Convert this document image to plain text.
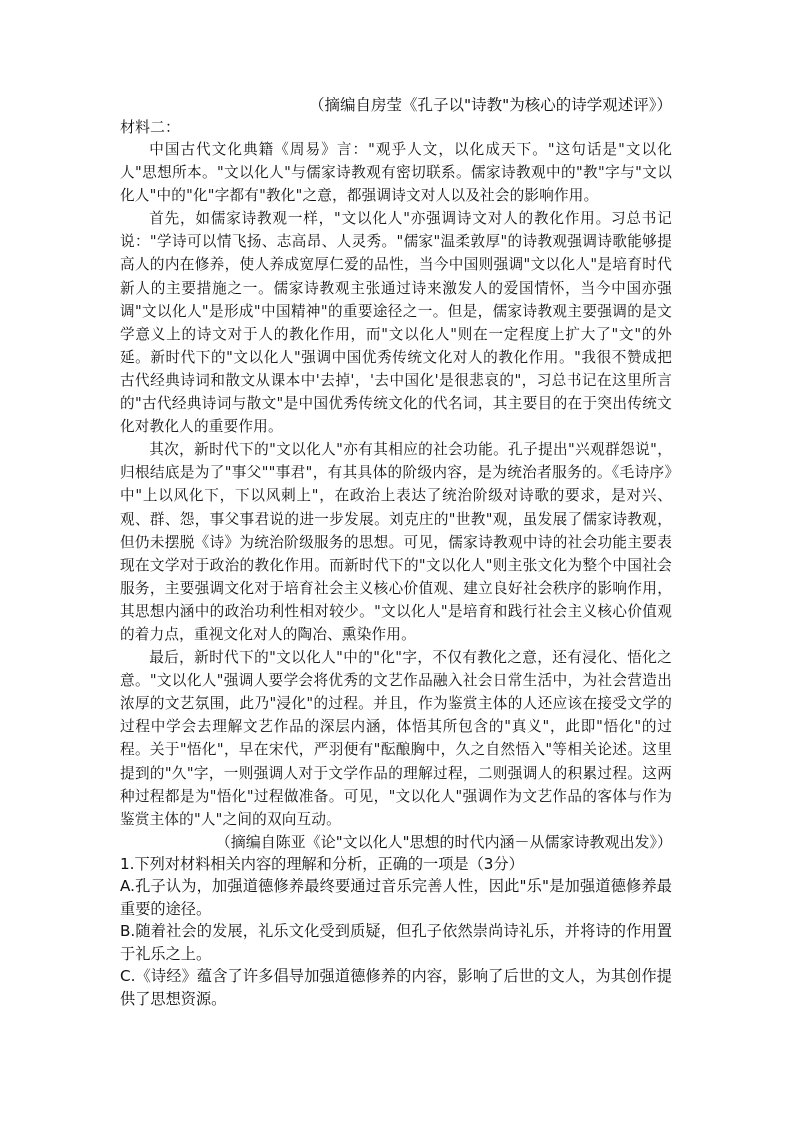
（摘编自房莹《孔子以"诗教"为核心的诗学观述评》）

材料二：

中国古代文化典籍《周易》言："观乎人文，以化成天下。"这句话是"文以化人"思想所本。"文以化人"与儒家诗教观有密切联系。儒家诗教观中的"教"字与"文以化人"中的"化"字都有"教化"之意，都强调诗文对人以及社会的影响作用。

首先，如儒家诗教观一样，"文以化人"亦强调诗文对人的教化作用。习总书记说："学诗可以情飞扬、志高昂、人灵秀。"儒家"温柔敦厚"的诗教观强调诗歌能够提高人的内在修养，使人养成宽厚仁爱的品性，当今中国则强调"文以化人"是培育时代新人的主要措施之一。儒家诗教观主张通过诗来激发人的爱国情怀，当今中国亦强调"文以化人"是形成"中国精神"的重要途径之一。但是，儒家诗教观主要强调的是文学意义上的诗文对于人的教化作用，而"文以化人"则在一定程度上扩大了"文"的外延。新时代下的"文以化人"强调中国优秀传统文化对人的教化作用。"我很不赞成把古代经典诗词和散文从课本中'去掉'，'去中国化'是很悲哀的"，习总书记在这里所言的"古代经典诗词与散文"是中国优秀传统文化的代名词，其主要目的在于突出传统文化对教化人的重要作用。

其次，新时代下的"文以化人"亦有其相应的社会功能。孔子提出"兴观群怨说"，归根结底是为了"事父""事君"，有其具体的阶级内容，是为统治者服务的。《毛诗序》中"上以风化下，下以风刺上"，在政治上表达了统治阶级对诗歌的要求，是对兴、观、群、怨，事父事君说的进一步发展。刘克庄的"世教"观，虽发展了儒家诗教观，但仍未摆脱《诗》为统治阶级服务的思想。可见，儒家诗教观中诗的社会功能主要表现在文学对于政治的教化作用。而新时代下的"文以化人"则主张文化为整个中国社会服务，主要强调文化对于培育社会主义核心价值观、建立良好社会秩序的影响作用，其思想内涵中的政治功利性相对较少。"文以化人"是培育和践行社会主义核心价值观的着力点，重视文化对人的陶冶、熏染作用。

最后，新时代下的"文以化人"中的"化"字，不仅有教化之意，还有浸化、悟化之意。"文以化人"强调人要学会将优秀的文艺作品融入社会日常生活中，为社会营造出浓厚的文艺氛围，此乃"浸化"的过程。并且，作为鉴赏主体的人还应该在接受文学的过程中学会去理解文艺作品的深层内涵，体悟其所包含的"真义"，此即"悟化"的过程。关于"悟化"，早在宋代，严羽便有"酝酿胸中，久之自然悟入"等相关论述。这里提到的"久"字，一则强调人对于文学作品的理解过程，二则强调人的积累过程。这两种过程都是为"悟化"过程做准备。可见，"文以化人"强调作为文艺作品的客体与作为鉴赏主体的"人"之间的双向互动。

（摘编自陈亚《论"文以化人"思想的时代内涵－从儒家诗教观出发》）

1.下列对材料相关内容的理解和分析，正确的一项是（3分）

A.孔子认为，加强道德修养最终要通过音乐完善人性，因此"乐"是加强道德修养最重要的途径。

B.随着社会的发展，礼乐文化受到质疑，但孔子依然崇尚诗礼乐，并将诗的作用置于礼乐之上。

C.《诗经》蕴含了许多倡导加强道德修养的内容，影响了后世的文人，为其创作提供了思想资源。
